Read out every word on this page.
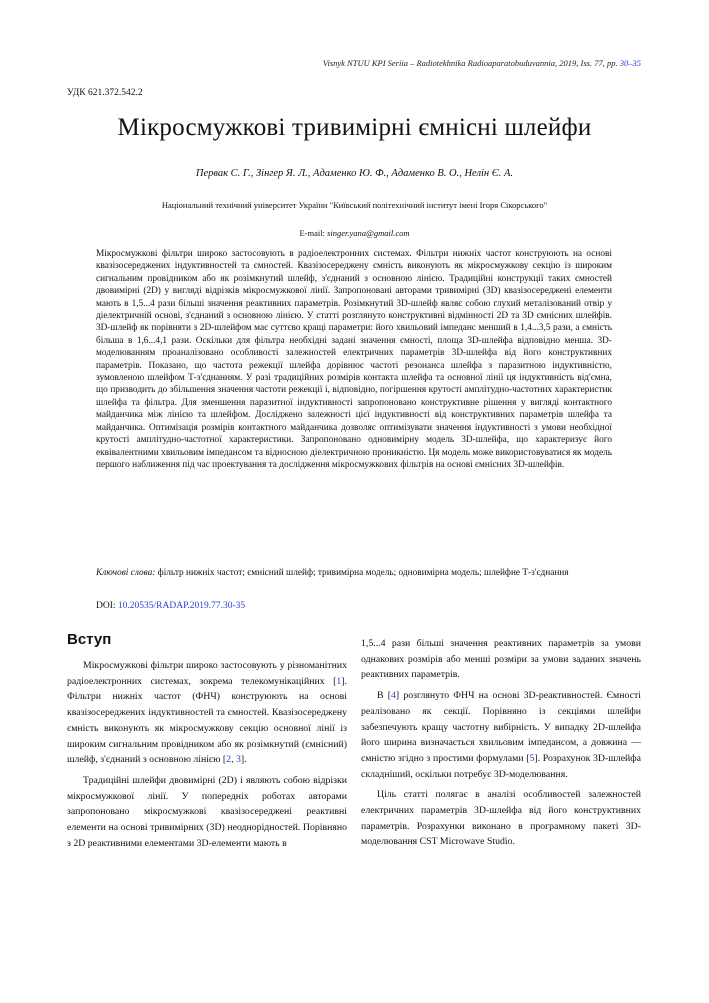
Visnyk NTUU KPI Seriia – Radiotekhnika Radioaparatobuduvannia, 2019, Iss. 77, pp. 30–35
УДК 621.372.542.2
Мікросмужкові тривимірні ємнісні шлейфи
Первак С. Г., Зінгер Я. Л., Адаменко Ю. Ф., Адаменко В. О., Нелін Є. А.
Національний технічний університет України "Київський політехнічний інститут імені Ігоря Сікорського"
E-mail: singer.yana@gmail.com
Мікросмужкові фільтри широко застосовують в радіоелектронних системах. Фільтри нижніх частот конструюють на основі квазізосереджених індуктивностей та ємностей. Квазізосереджену ємність виконують як мікросмужкову секцію із широким сигнальним провідником або як розімкнутий шлейф, з'єднаний з основною лінією. Традиційні конструкції таких ємностей двовимірні (2D) у вигляді відрізків мікросмужкової лінії. Запропоновані авторами тривимірні (3D) квазізосереджені елементи мають в 1,5...4 рази більші значення реактивних параметрів. Розімкнутий 3D-шлейф являє собою глухий металізований отвір у діелектричній основі, з'єднаний з основною лінією. У статті розглянуто конструктивні відмінності 2D та 3D ємнісних шлейфів. 3D-шлейф як порівняти з 2D-шлейфом має суттєво кращі параметри: його хвильовий імпеданс менший в 1,4...3,5 рази, а ємність більша в 1,6...4,1 рази. Оскільки для фільтра необхідні задані значення ємності, площа 3D-шлейфа відповідно менша. 3D-моделюванням проаналізовано особливості залежностей електричних параметрів 3D-шлейфа від його конструктивних параметрів. Показано, що частота режекції шлейфа дорівнює частоті резонанса шлейфа з паразитною індуктивністю, зумовленою шлейфом Т-з'єднанням. У разі традиційних розмірів контакта шлейфа та основної лінії ця індуктивність від'ємна, що призводить до збільшення значення частоти режекції і, відповідно, погіршення крутості амплітудно-частотних характеристик шлейфа та фільтра. Для зменшення паразитної індуктивності запропоновано конструктивне рішення у вигляді контактного майданчика між лінією та шлейфом. Досліджено залежності цієї індуктивності від конструктивних параметрів шлейфа та майданчика. Оптимізація розмірів контактного майданчика дозволяє оптимізувати значення індуктивності з умови необхідної крутості амплітудно-частотної характеристики. Запропоновано одновимірну модель 3D-шлейфа, що характеризує його еквівалентними хвильовим імпедансом та відносною діелектричною проникністю. Ця модель може використовуватися як модель першого наближення під час проектування та дослідження мікросмужкових фільтрів на основі ємнісних 3D-шлейфів.
Ключові слова: фільтр нижніх частот; ємнісний шлейф; тривимірна модель; одновимірна модель; шлейфне Т-з'єднання
DOI: 10.20535/RADAP.2019.77.30-35
Вступ

Мікросмужкові фільтри широко застосовують у різноманітних радіоелектронних системах, зокрема телекомунікаційних [1]. Фільтри нижніх частот (ФНЧ) конструюють на основі квазізосереджених індуктивностей та ємностей. Квазізосереджену ємність виконують як мікросмужкову секцію основної лінії із широким сигнальним провідником або як розімкнутий (ємнісний) шлейф, з'єднаний з основною лінією [2, 3].

Традиційні шлейфи двовимірні (2D) і являють собою відрізки мікросмужкової лінії. У попередніх роботах авторами запропоновано мікросмужкові квазізосереджені реактивні елементи на основі тривимірних (3D) неоднорідностей. Порівняно з 2D реактивними елементами 3D-елементи мають в

1,5...4 рази більші значення реактивних параметрів за умови однакових розмірів або менші розміри за умови заданих значень реактивних параметрів.

В [4] розглянуто ФНЧ на основі 3D-реактивностей. Ємності реалізовано як секції. Порівняно із секціями шлейфи забезпечують кращу частотну вибірність. У випадку 2D-шлейфа його ширина визначається хвильовим імпедансом, а довжина — ємністю згідно з простими формулами [5]. Розрахунок 3D-шлейфа складніший, оскільки потребує 3D-моделювання.

Ціль статті полягає в аналізі особливостей залежностей електричних параметрів 3D-шлейфа від його конструктивних параметрів. Розрахунки виконано в програмному пакеті 3D-моделювання CST Microwave Studio.
